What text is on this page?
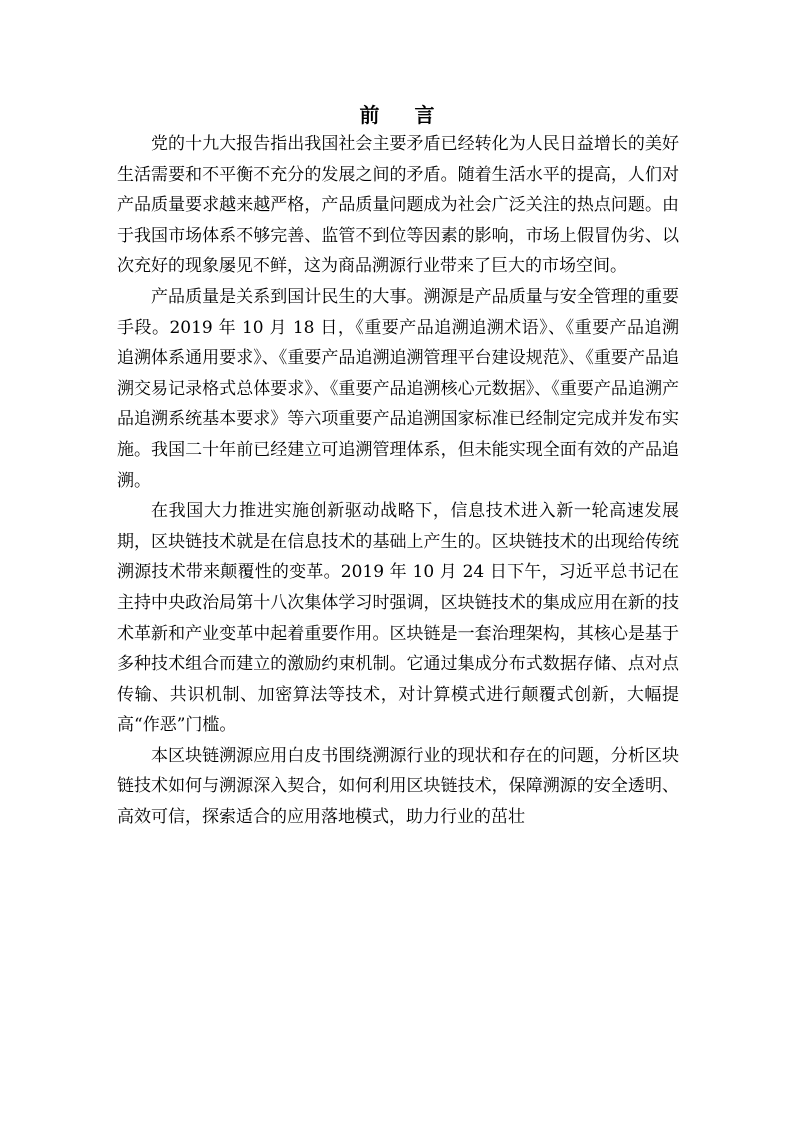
前 言

党的十九大报告指出我国社会主要矛盾已经转化为人民日益增长的美好生活需要和不平衡不充分的发展之间的矛盾。随着生活水平的提高，人们对产品质量要求越来越严格，产品质量问题成为社会广泛关注的热点问题。由于我国市场体系不够完善、监管不到位等因素的影响，市场上假冒伪劣、以次充好的现象屡见不鲜，这为商品溯源行业带来了巨大的市场空间。

产品质量是关系到国计民生的大事。溯源是产品质量与安全管理的重要手段。2019 年 10 月 18 日，《重要产品追溯追溯术语》、《重要产品追溯追溯体系通用要求》、《重要产品追溯追溯管理平台建设规范》、《重要产品追溯交易记录格式总体要求》、《重要产品追溯核心元数据》、《重要产品追溯产品追溯系统基本要求》等六项重要产品追溯国家标准已经制定完成并发布实施。我国二十年前已经建立可追溯管理体系，但未能实现全面有效的产品追溯。

在我国大力推进实施创新驱动战略下，信息技术进入新一轮高速发展期，区块链技术就是在信息技术的基础上产生的。区块链技术的出现给传统溯源技术带来颠覆性的变革。2019 年 10 月 24 日下午，习近平总书记在主持中央政治局第十八次集体学习时强调，区块链技术的集成应用在新的技术革新和产业变革中起着重要作用。区块链是一套治理架构，其核心是基于多种技术组合而建立的激励约束机制。它通过集成分布式数据存储、点对点传输、共识机制、加密算法等技术，对计算模式进行颠覆式创新，大幅提高“作恶”门槛。

本区块链溯源应用白皮书围绕溯源行业的现状和存在的问题，分析区块链技术如何与溯源深入契合，如何利用区块链技术，保障溯源的安全透明、高效可信，探索适合的应用落地模式，助力行业的茁壮
